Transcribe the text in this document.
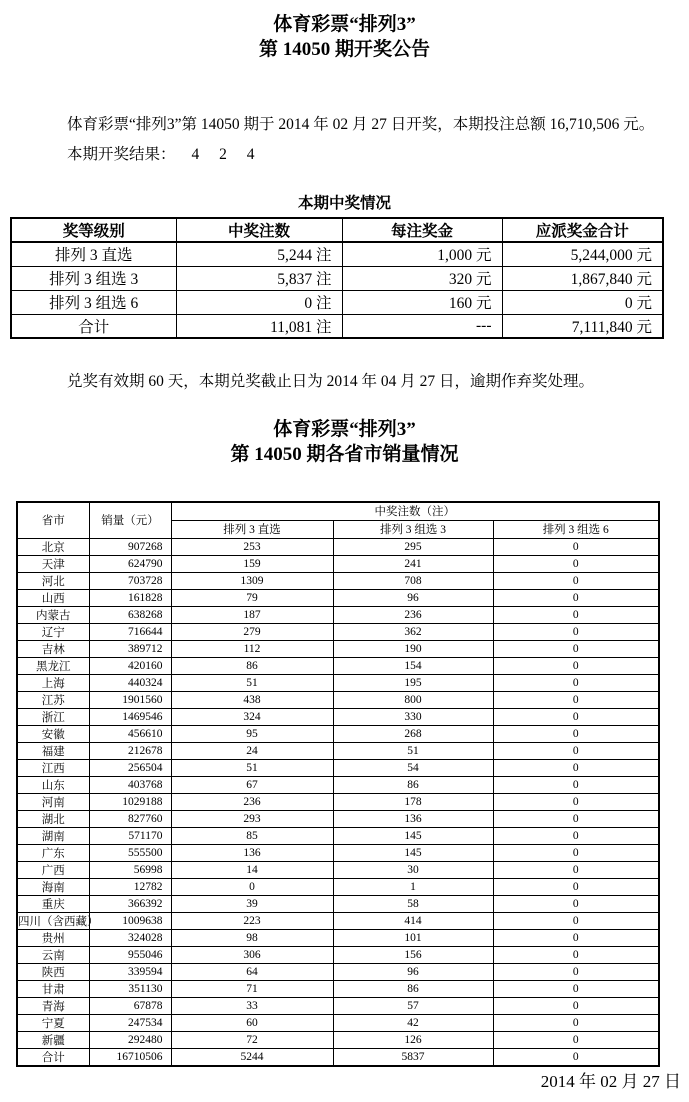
体育彩票“排列3”
第 14050 期开奖公告

体育彩票“排列3”第 14050 期于 2014 年 02 月 27 日开奖，本期投注总额 16,710,506 元。

本期开奖结果： 4 2 4

本期中奖情况
奖等级别	中奖注数	每注奖金	应派奖金合计
排列 3 直选	5,244 注	1,000 元	5,244,000 元
排列 3 组选 3	5,837 注	320 元	1,867,840 元
排列 3 组选 6	0 注	160 元	0 元
合计	11,081 注	---	7,111,840 元

兑奖有效期 60 天，本期兑奖截止日为 2014 年 04 月 27 日，逾期作弃奖处理。

体育彩票“排列3”
第 14050 期各省市销量情况
省市	销量（元）	中奖注数（注）		
		排列 3 直选	排列 3 组选 3	排列 3 组选 6
北京	907268	253	295	0
天津	624790	159	241	0
河北	703728	1309	708	0
山西	161828	79	96	0
内蒙古	638268	187	236	0
辽宁	716644	279	362	0
吉林	389712	112	190	0
黑龙江	420160	86	154	0
上海	440324	51	195	0
江苏	1901560	438	800	0
浙江	1469546	324	330	0
安徽	456610	95	268	0
福建	212678	24	51	0
江西	256504	51	54	0
山东	403768	67	86	0
河南	1029188	236	178	0
湖北	827760	293	136	0
湖南	571170	85	145	0
广东	555500	136	145	0
广西	56998	14	30	0
海南	12782	0	1	0
重庆	366392	39	58	0
四川（含西藏）	1009638	223	414	0
贵州	324028	98	101	0
云南	955046	306	156	0
陕西	339594	64	96	0
甘肃	351130	71	86	0
青海	67878	33	57	0
宁夏	247534	60	42	0
新疆	292480	72	126	0
合计	16710506	5244	5837	0
2014 年 02 月 27 日
